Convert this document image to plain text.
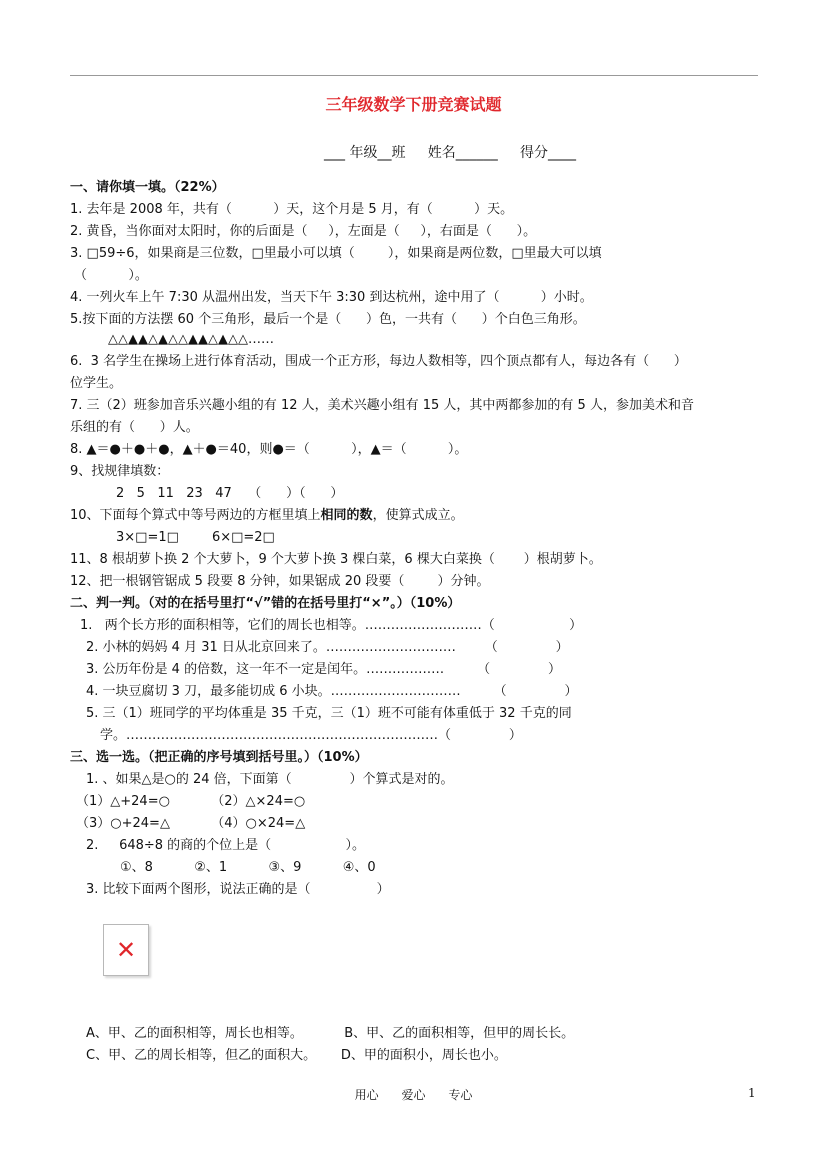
三年级数学下册竞赛试题
___ 年级__班     姓名______     得分____
一、请你填一填。（22%）
1. 去年是 2008 年，共有（          ）天，这个月是 5 月，有（          ）天。
2. 黄昏，当你面对太阳时，你的后面是（     ），左面是（     ），右面是（      ）。
3. □59÷6，如果商是三位数，□里最小可以填（        ），如果商是两位数，□里最大可以填
（          ）。
4. 一列火车上午 7:30 从温州出发，当天下午 3:30 到达杭州，途中用了（          ）小时。
5.按下面的方法摆 60 个三角形，最后一个是（      ）色，一共有（      ）个白色三角形。
△△▲▲△▲△△▲▲△▲△△……
6.  3 名学生在操场上进行体育活动，围成一个正方形，每边人数相等，四个顶点都有人，每边各有（      ）
位学生。
7. 三（2）班参加音乐兴趣小组的有 12 人，美术兴趣小组有 15 人，其中两都参加的有 5 人，参加美术和音
乐组的有（      ）人。
8. ▲＝●＋●＋●，▲＋●＝40，则●＝（          ），▲＝（          ）。
9、找规律填数：
2   5   11   23   47    （      ）（      ）
10、下面每个算式中等号两边的方框里填上相同的数，使算式成立。
3×□=1□        6×□=2□
11、8 根胡萝卜换 2 个大萝卜，9 个大萝卜换 3 棵白菜，6 棵大白菜换（       ）根胡萝卜。
12、把一根钢管锯成 5 段要 8 分钟，如果锯成 20 段要（        ）分钟。
二、判一判。（对的在括号里打“√”错的在括号里打“×”。）（10%）
1.   两个长方形的面积相等，它们的周长也相等。………………………（                  ）
2. 小林的妈妈 4 月 31 日从北京回来了。…………………………       （              ）
3. 公历年份是 4 的倍数，这一年不一定是闰年。………………        （              ）
4. 一块豆腐切 3 刀，最多能切成 6 小块。…………………………        （              ）
5. 三（1）班同学的平均体重是 35 千克，三（1）班不可能有体重低于 32 千克的同
学。………………………………………………………………（              ）
三、选一选。（把正确的序号填到括号里。）（10%）
1. 、如果△是○的 24 倍，下面第（              ）个算式是对的。
（1）△+24=○          （2）△×24=○
（3）○+24=△          （4）○×24=△
2.     648÷8 的商的个位上是（                  ）。
①、8          ②、1          ③、9          ④、0
3. 比较下面两个图形，说法正确的是（                ）
✕
A、甲、乙的面积相等，周长也相等。          B、甲、乙的面积相等，但甲的周长长。
C、甲、乙的周长相等，但乙的面积大。      D、甲的面积小，周长也小。
用心      爱心      专心	1
